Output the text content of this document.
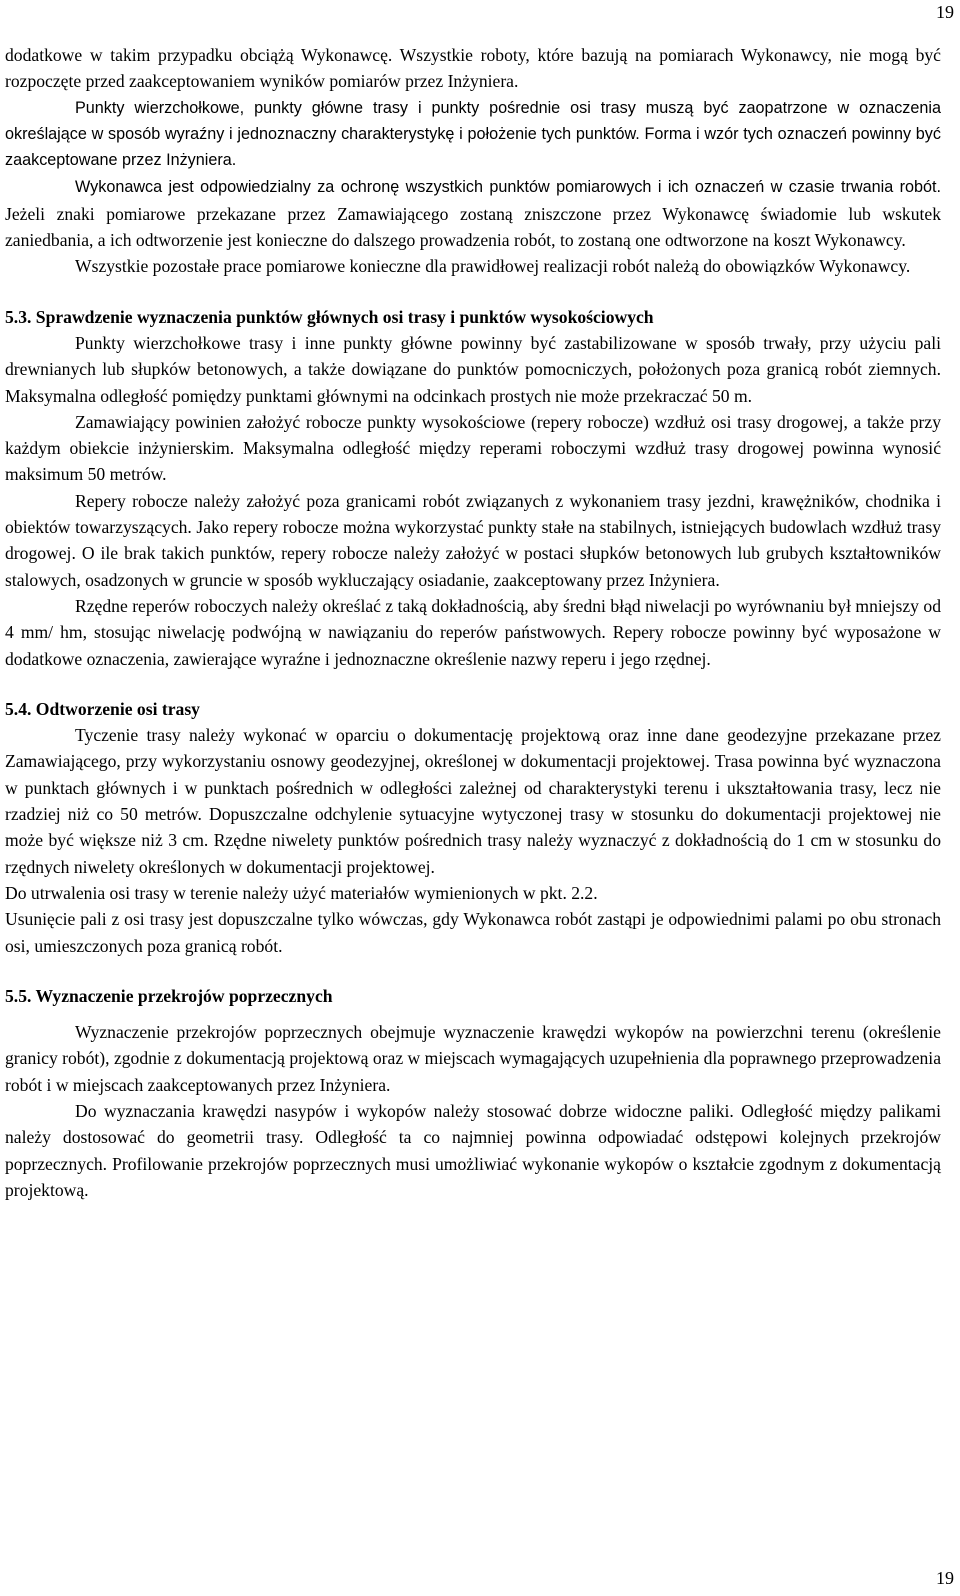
19

dodatkowe w takim przypadku obciążą Wykonawcę. Wszystkie roboty, które bazują na pomiarach Wykonawcy, nie mogą być rozpoczęte przed zaakceptowaniem wyników pomiarów przez Inżyniera.

Punkty wierzchołkowe, punkty główne trasy i punkty pośrednie osi trasy muszą być zaopatrzone w oznaczenia określające w sposób wyraźny i jednoznaczny charakterystykę i położenie tych punktów. Forma i wzór tych oznaczeń powinny być zaakceptowane przez Inżyniera.

Wykonawca jest odpowiedzialny za ochronę wszystkich punktów pomiarowych i ich oznaczeń w czasie trwania robót. Jeżeli znaki pomiarowe przekazane przez Zamawiającego zostaną zniszczone przez Wykonawcę świadomie lub wskutek zaniedbania, a ich odtworzenie jest konieczne do dalszego prowadzenia robót, to zostaną one odtworzone na koszt Wykonawcy.

Wszystkie pozostałe prace pomiarowe konieczne dla prawidłowej realizacji robót należą do obowiązków Wykonawcy.

5.3. Sprawdzenie wyznaczenia punktów głównych osi trasy i punktów wysokościowych

Punkty wierzchołkowe trasy i inne punkty główne powinny być zastabilizowane w sposób trwały, przy użyciu pali drewnianych lub słupków betonowych, a także dowiązane do punktów pomocniczych, położonych poza granicą robót ziemnych. Maksymalna odległość pomiędzy punktami głównymi na odcinkach prostych nie może przekraczać 50 m.

Zamawiający powinien założyć robocze punkty wysokościowe (repery robocze) wzdłuż osi trasy drogowej, a także przy każdym obiekcie inżynierskim. Maksymalna odległość między reperami roboczymi wzdłuż trasy drogowej powinna wynosić maksimum 50 metrów.

Repery robocze należy założyć poza granicami robót związanych z wykonaniem trasy jezdni, krawężników, chodnika i obiektów towarzyszących. Jako repery robocze można wykorzystać punkty stałe na stabilnych, istniejących budowlach wzdłuż trasy drogowej. O ile brak takich punktów, repery robocze należy założyć w postaci słupków betonowych lub grubych kształtowników stalowych, osadzonych w gruncie w sposób wykluczający osiadanie, zaakceptowany przez Inżyniera.

Rzędne reperów roboczych należy określać z taką dokładnością, aby średni błąd niwelacji po wyrównaniu był mniejszy od 4 mm/ hm, stosując niwelację podwójną w nawiązaniu do reperów państwowych. Repery robocze powinny być wyposażone w dodatkowe oznaczenia, zawierające wyraźne i jednoznaczne określenie nazwy reperu i jego rzędnej.

5.4. Odtworzenie osi trasy

Tyczenie trasy należy wykonać w oparciu o dokumentację projektową oraz inne dane geodezyjne przekazane przez Zamawiającego, przy wykorzystaniu osnowy geodezyjnej, określonej w dokumentacji projektowej. Trasa powinna być wyznaczona w punktach głównych i w punktach pośrednich w odległości zależnej od charakterystyki terenu i ukształtowania trasy, lecz nie rzadziej niż co 50 metrów. Dopuszczalne odchylenie sytuacyjne wytyczonej trasy w stosunku do dokumentacji projektowej nie może być większe niż 3 cm. Rzędne niwelety punktów pośrednich trasy należy wyznaczyć z dokładnością do 1 cm w stosunku do rzędnych niwelety określonych w dokumentacji projektowej.

Do utrwalenia osi trasy w terenie należy użyć materiałów wymienionych w pkt. 2.2.

Usunięcie pali z osi trasy jest dopuszczalne tylko wówczas, gdy Wykonawca robót zastąpi je odpowiednimi palami po obu stronach osi, umieszczonych poza granicą robót.

5.5. Wyznaczenie przekrojów poprzecznych

Wyznaczenie przekrojów poprzecznych obejmuje wyznaczenie krawędzi wykopów na powierzchni terenu (określenie granicy robót), zgodnie z dokumentacją projektową oraz w miejscach wymagających uzupełnienia dla poprawnego przeprowadzenia robót i w miejscach zaakceptowanych przez Inżyniera.

Do wyznaczania krawędzi nasypów i wykopów należy stosować dobrze widoczne paliki. Odległość między palikami należy dostosować do geometrii trasy. Odległość ta co najmniej powinna odpowiadać odstępowi kolejnych przekrojów poprzecznych. Profilowanie przekrojów poprzecznych musi umożliwiać wykonanie wykopów o kształcie zgodnym z dokumentacją projektową.

19
